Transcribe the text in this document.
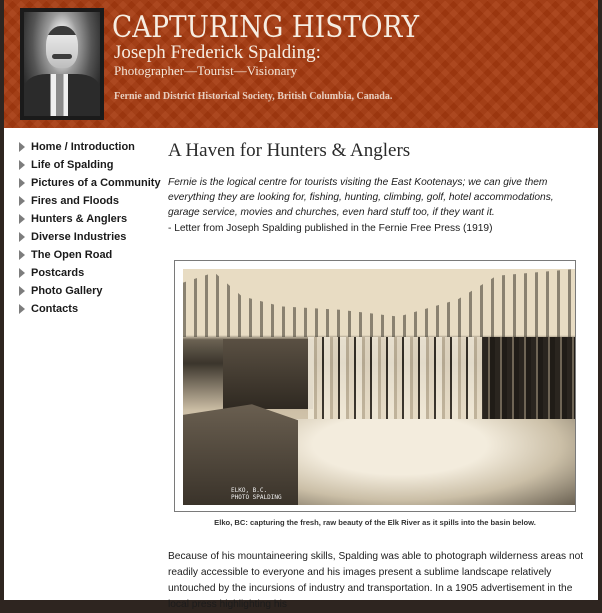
CAPTURING HISTORY
Joseph Frederick Spalding:
Photographer—Tourist—Visionary
Fernie and District Historical Society, British Columbia, Canada.
Home / Introduction
Life of Spalding
Pictures of a Community
Fires and Floods
Hunters & Anglers
Diverse Industries
The Open Road
Postcards
Photo Gallery
Contacts
A Haven for Hunters & Anglers

Fernie is the logical centre for tourists visiting the East Kootenays; we can give them everything they are looking for, fishing, hunting, climbing, golf, hotel accommodations, garage service, movies and churches, even hard stuff too, if they want it.

- Letter from Joseph Spalding published in the Fernie Free Press (1919)

ELKO, B.C.
PHOTO SPALDING
Elko, BC: capturing the fresh, raw beauty of the Elk River as it spills into the basin below.

Because of his mountaineering skills, Spalding was able to photograph wilderness areas not readily accessible to everyone and his images present a sublime landscape relatively untouched by the incursions of industry and transportation. In a 1905 advertisement in the local press highlighting his
